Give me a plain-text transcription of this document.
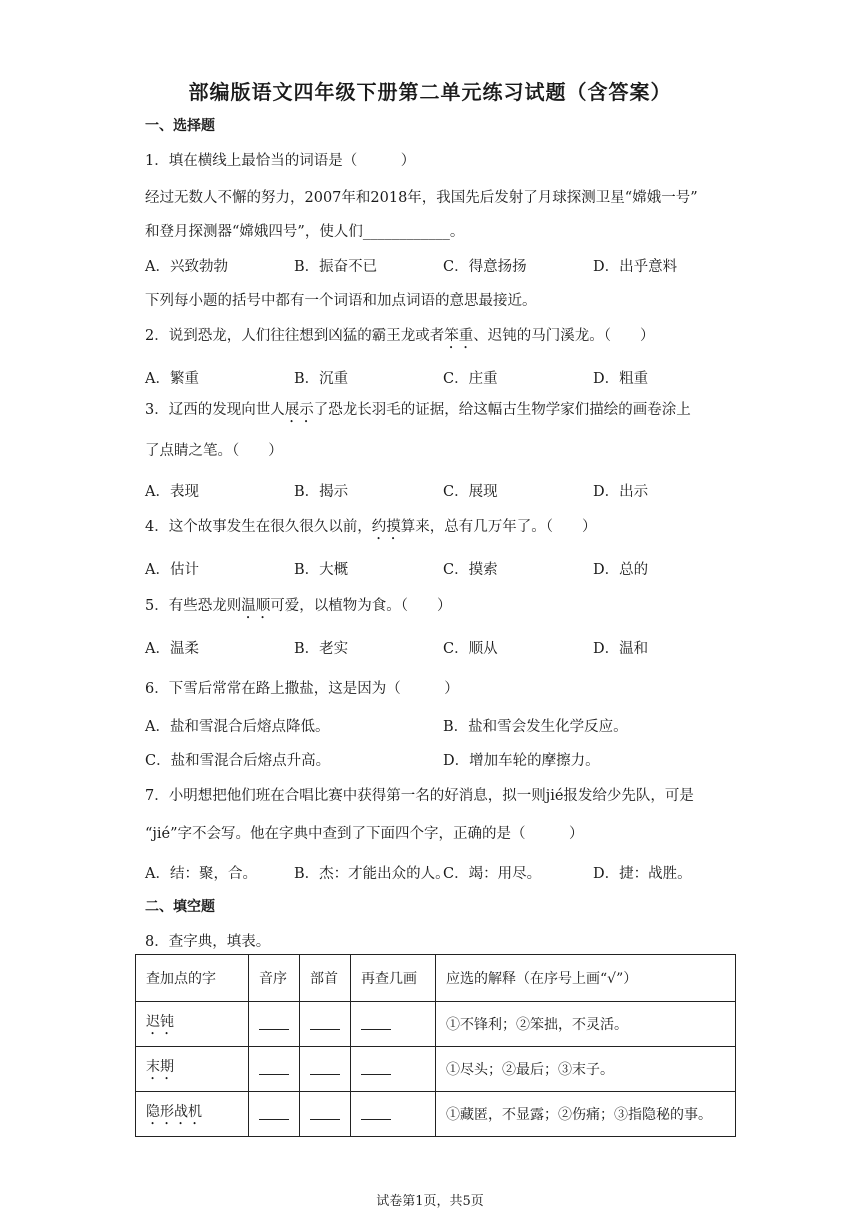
部编版语文四年级下册第二单元练习试题（含答案）
一、选择题
1．填在横线上最恰当的词语是（　　　）
经过无数人不懈的努力，2007年和2018年，我国先后发射了月球探测卫星“嫦娥一号”
和登月探测器“嫦娥四号”，使人们____________。
A．兴致勃勃	B．振奋不已	C．得意扬扬	D．出乎意料
下列每小题的括号中都有一个词语和加点词语的意思最接近。
2．说到恐龙，人们往往想到凶猛的霸王龙或者笨重、迟钝的马门溪龙。（　　）
A．繁重	B．沉重	C．庄重	D．粗重
3．辽西的发现向世人展示了恐龙长羽毛的证据，给这幅古生物学家们描绘的画卷涂上
了点睛之笔。（　　）
A．表现	B．揭示	C．展现	D．出示
4．这个故事发生在很久很久以前，约摸算来，总有几万年了。（　　）
A．估计	B．大概	C．摸索	D．总的
5．有些恐龙则温顺可爱，以植物为食。（　　）
A．温柔	B．老实	C．顺从	D．温和
6．下雪后常常在路上撒盐，这是因为（　　　）
A．盐和雪混合后熔点降低。	B．盐和雪会发生化学反应。
C．盐和雪混合后熔点升高。	D．增加车轮的摩擦力。
7．小明想把他们班在合唱比赛中获得第一名的好消息，拟一则jié报发给少先队，可是
“jié”字不会写。他在字典中查到了下面四个字，正确的是（　　　）
A．结：聚，合。	B．杰：才能出众的人。
C．竭：用尽。	D．捷：战胜。
二、填空题
8．查字典，填表。
查加点的字	音序	部首	再查几画	应选的解释（在序号上画“√”）
迟钝				①不锋利；②笨拙，不灵活。
末期				①尽头；②最后；③末子。
隐形战机				①藏匿，不显露；②伤痛；③指隐秘的事。
试卷第1页，共5页
